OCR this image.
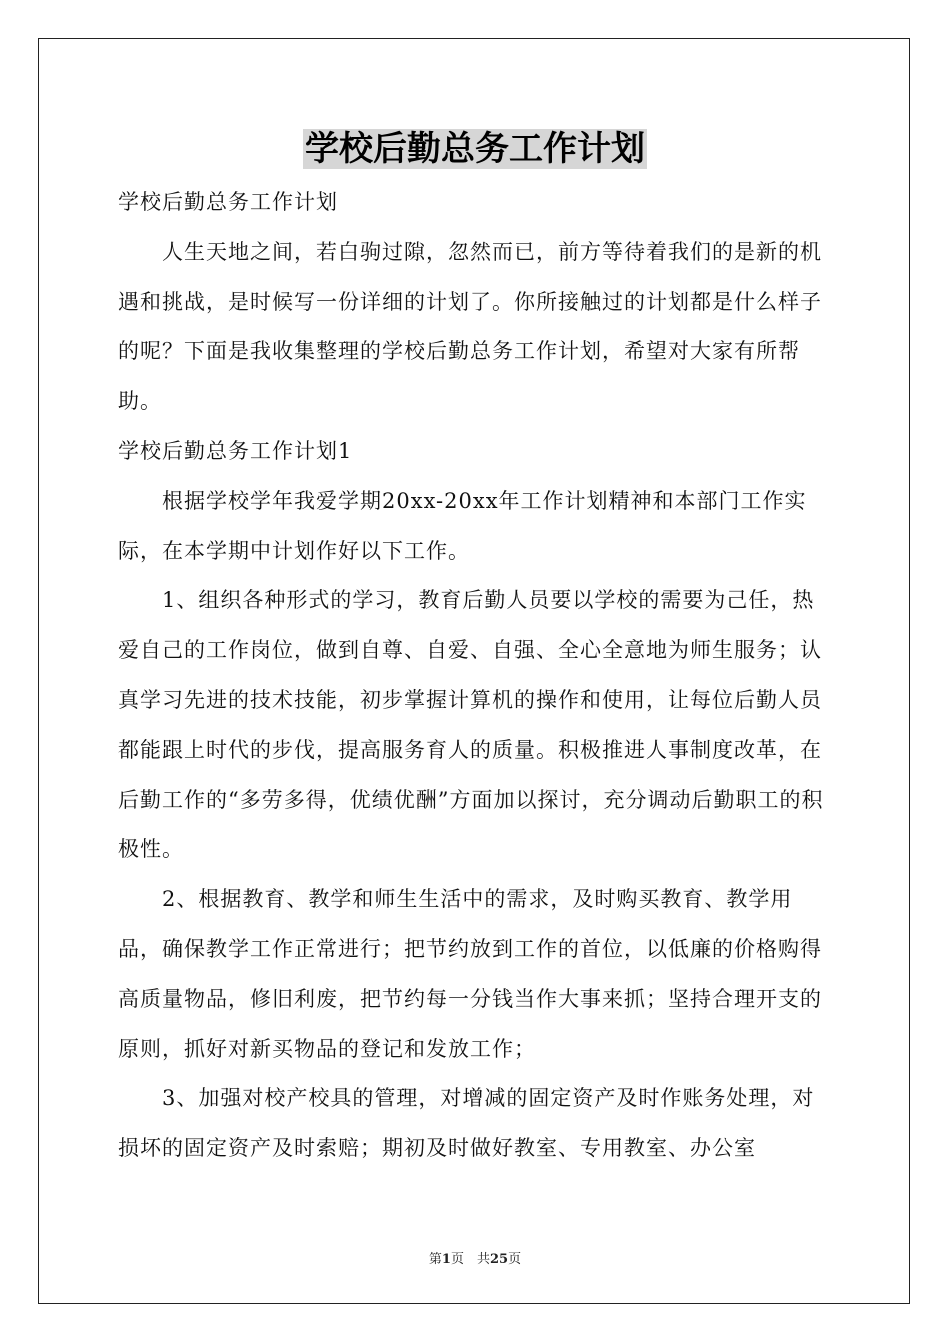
学校后勤总务工作计划

学校后勤总务工作计划

人生天地之间，若白驹过隙，忽然而已，前方等待着我们的是新的机遇和挑战，是时候写一份详细的计划了。你所接触过的计划都是什么样子的呢？下面是我收集整理的学校后勤总务工作计划，希望对大家有所帮助。

学校后勤总务工作计划1

根据学校学年我爱学期20xx-20xx年工作计划精神和本部门工作实际，在本学期中计划作好以下工作。

1、组织各种形式的学习，教育后勤人员要以学校的需要为己任，热爱自己的工作岗位，做到自尊、自爱、自强、全心全意地为师生服务；认真学习先进的技术技能，初步掌握计算机的操作和使用，让每位后勤人员都能跟上时代的步伐，提高服务育人的质量。积极推进人事制度改革，在后勤工作的“多劳多得，优绩优酬”方面加以探讨，充分调动后勤职工的积极性。

2、根据教育、教学和师生生活中的需求，及时购买教育、教学用品，确保教学工作正常进行；把节约放到工作的首位，以低廉的价格购得高质量物品，修旧利废，把节约每一分钱当作大事来抓；坚持合理开支的原则，抓好对新买物品的登记和发放工作；

3、加强对校产校具的管理，对增减的固定资产及时作账务处理，对损坏的固定资产及时索赔；期初及时做好教室、专用教室、办公室

第1页　共25页
